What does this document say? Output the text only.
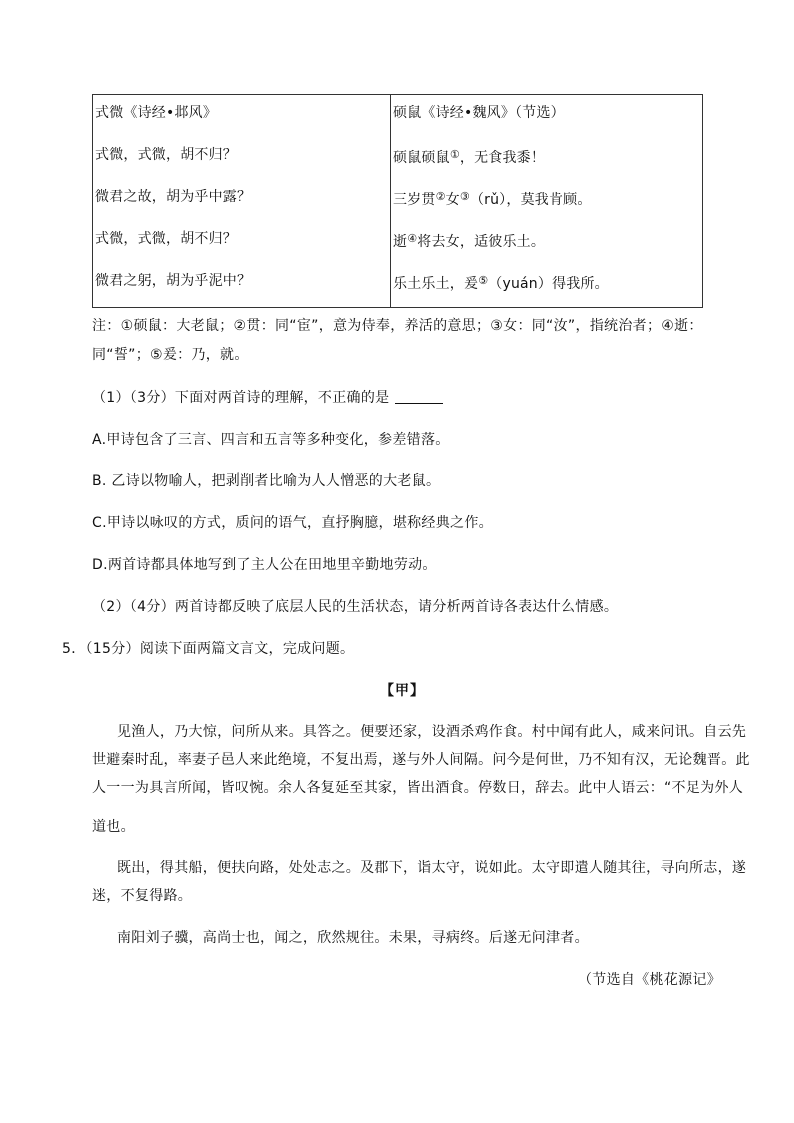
式微《诗经•邶风》
式微，式微，胡不归？
微君之故，胡为乎中露？
式微，式微，胡不归？
微君之躬，胡为乎泥中？
硕鼠《诗经•魏风》（节选）
硕鼠硕鼠①，无食我黍！
三岁贯②女③（rǔ），莫我肯顾。
逝④将去女，适彼乐土。
乐土乐土，爰⑤（yuán）得我所。
注：①硕鼠：大老鼠；②贯：同“宦”，意为侍奉，养活的意思；③女：同“汝”，指统治者；④逝：
同“誓”；⑤爰：乃，就。
（1）（3分）下面对两首诗的理解，不正确的是
A.甲诗包含了三言、四言和五言等多种变化，参差错落。
B. 乙诗以物喻人，把剥削者比喻为人人憎恶的大老鼠。
C.甲诗以咏叹的方式，质问的语气，直抒胸臆，堪称经典之作。
D.两首诗都具体地写到了主人公在田地里辛勤地劳动。
（2）（4分）两首诗都反映了底层人民的生活状态，请分析两首诗各表达什么情感。
5．（15分）阅读下面两篇文言文，完成问题。
【甲】
见渔人，乃大惊，问所从来。具答之。便要还家，设酒杀鸡作食。村中闻有此人，咸来问讯。自云先
世避秦时乱，率妻子邑人来此绝境，不复出焉，遂与外人间隔。问今是何世，乃不知有汉，无论魏晋。此
人一一为具言所闻，皆叹惋。余人各复延至其家，皆出酒食。停数日，辞去。此中人语云：“不足为外人
道也。
既出，得其船，便扶向路，处处志之。及郡下，诣太守，说如此。太守即遣人随其往，寻向所志，遂
迷，不复得路。
南阳刘子骥，高尚士也，闻之，欣然规往。未果，寻病终。后遂无问津者。
（节选自《桃花源记》
